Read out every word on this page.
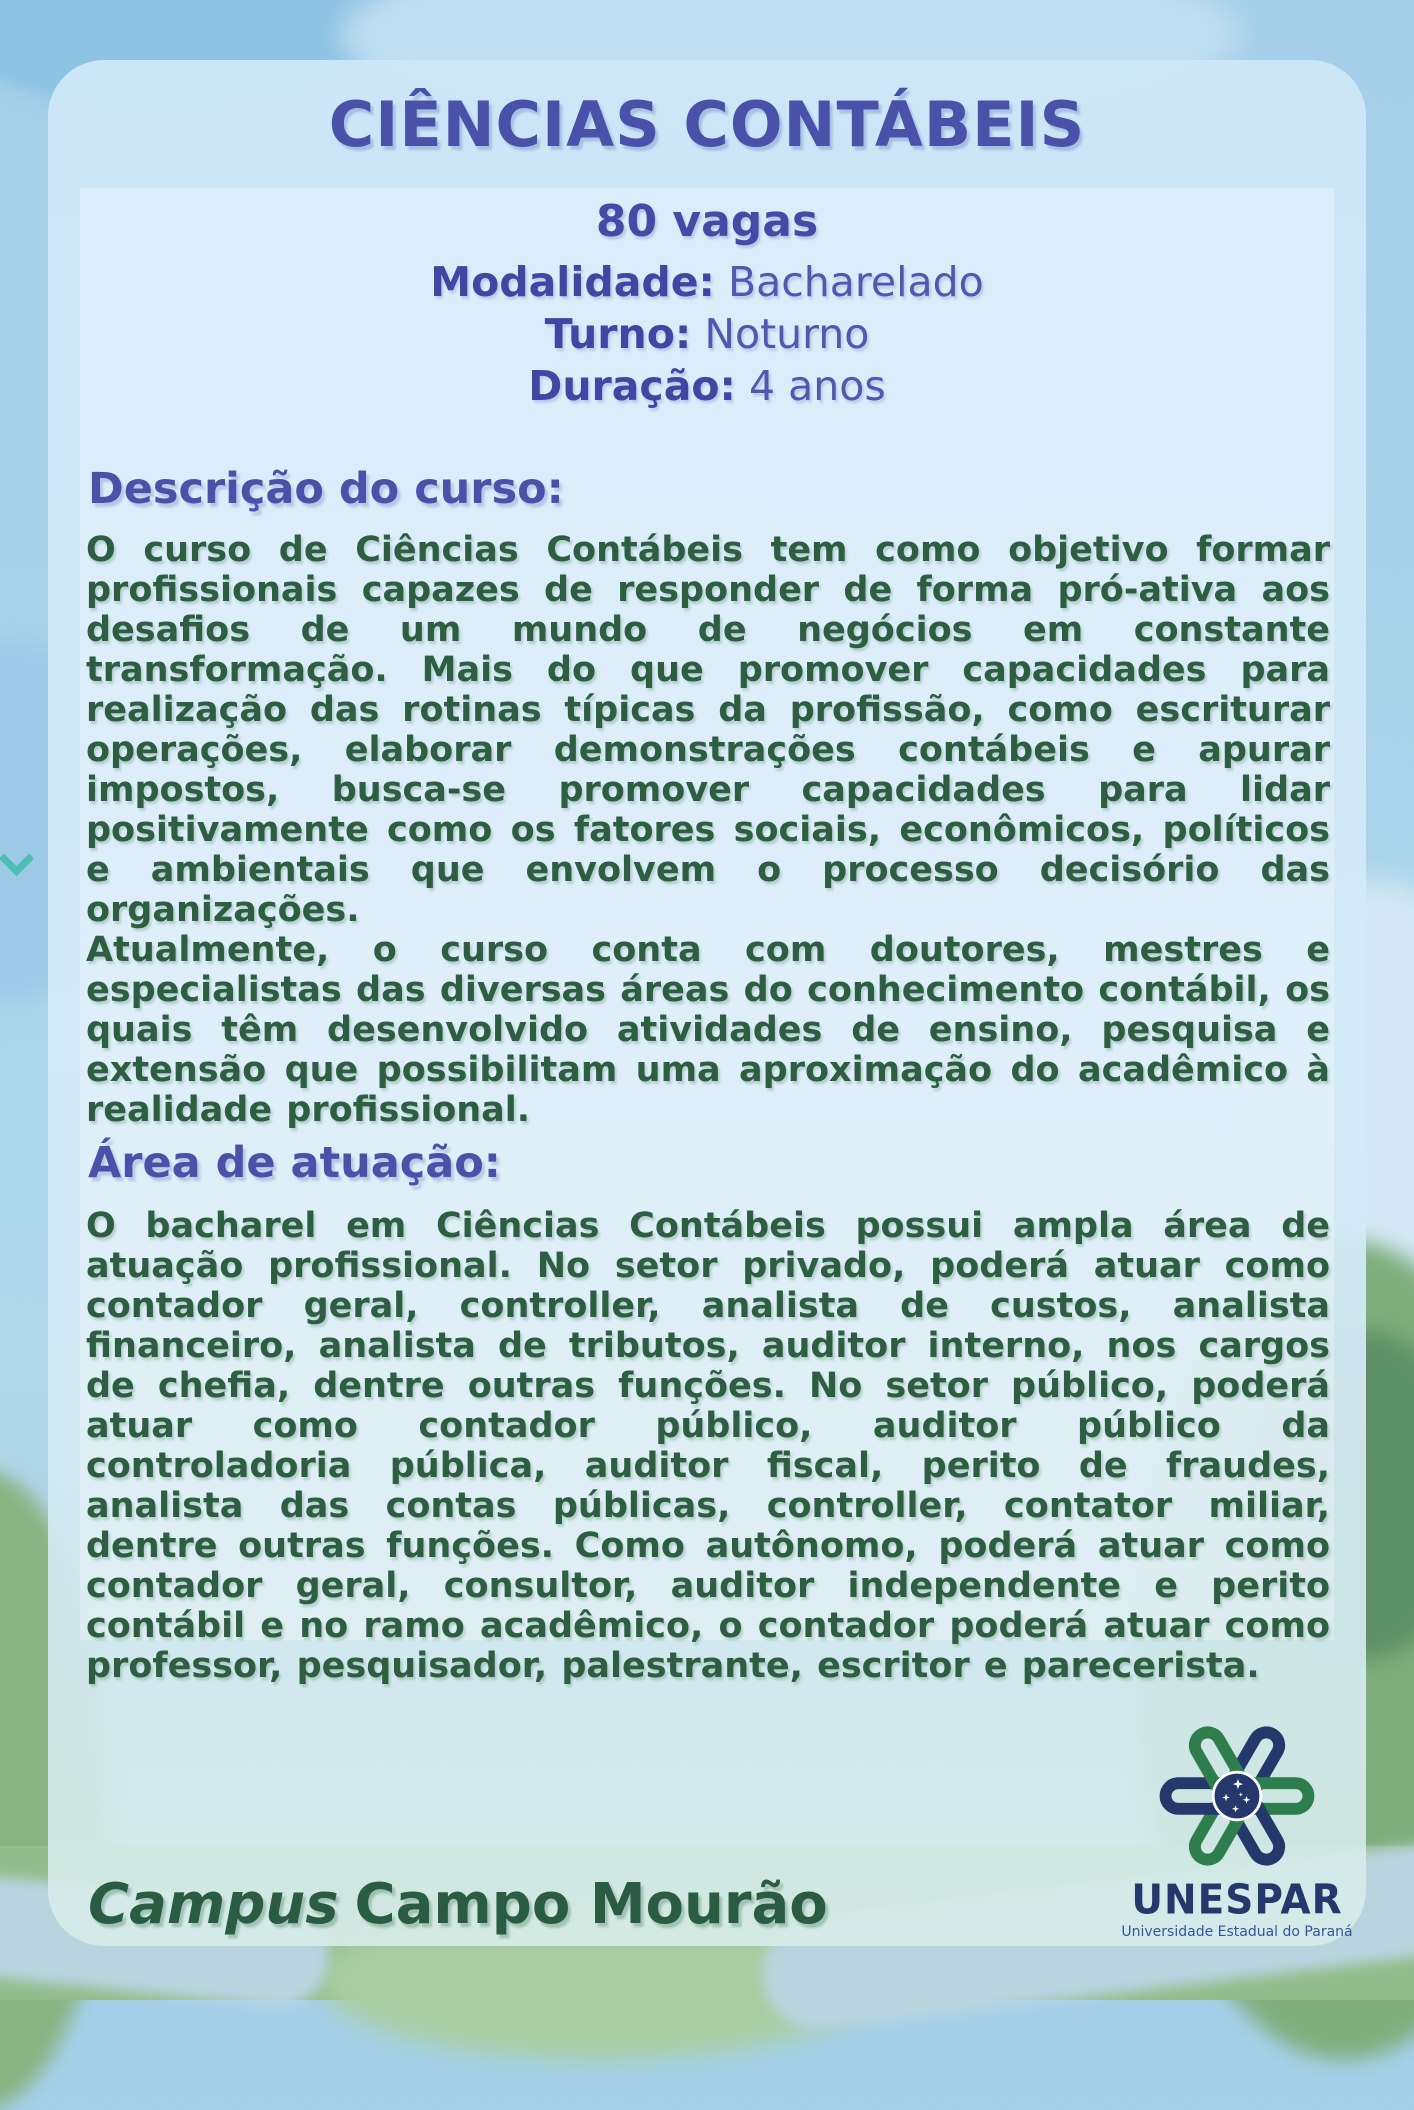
CIÊNCIAS CONTÁBEIS
80 vagas
Modalidade: Bacharelado
Turno: Noturno
Duração: 4 anos
Descrição do curso:

O curso de Ciências Contábeis tem como objetivo formar profissionais capazes de responder de forma pró-ativa aos desafios de um mundo de negócios em constante transformação. Mais do que promover capacidades para realização das rotinas típicas da profissão, como escriturar operações, elaborar demonstrações contábeis e apurar impostos, busca-se promover capacidades para lidar positivamente como os fatores sociais, econômicos, políticos e ambientais que envolvem o processo decisório das organizações.

Atualmente, o curso conta com doutores, mestres e especialistas das diversas áreas do conhecimento contábil, os quais têm desenvolvido atividades de ensino, pesquisa e extensão que possibilitam uma aproximação do acadêmico à realidade profissional.

Área de atuação:

O bacharel em Ciências Contábeis possui ampla área de atuação profissional. No setor privado, poderá atuar como contador geral, controller, analista de custos, analista financeiro, analista de tributos, auditor interno, nos cargos de chefia, dentre outras funções. No setor público, poderá atuar como contador público, auditor público da controladoria pública, auditor fiscal, perito de fraudes, analista das contas públicas, controller, contator miliar, dentre outras funções. Como autônomo, poderá atuar como contador geral, consultor, auditor independente e perito contábil e no ramo acadêmico, o contador poderá atuar como professor, pesquisador, palestrante, escritor e parecerista.

Campus Campo Mourão	UNESPAR
Universidade Estadual do Paraná
